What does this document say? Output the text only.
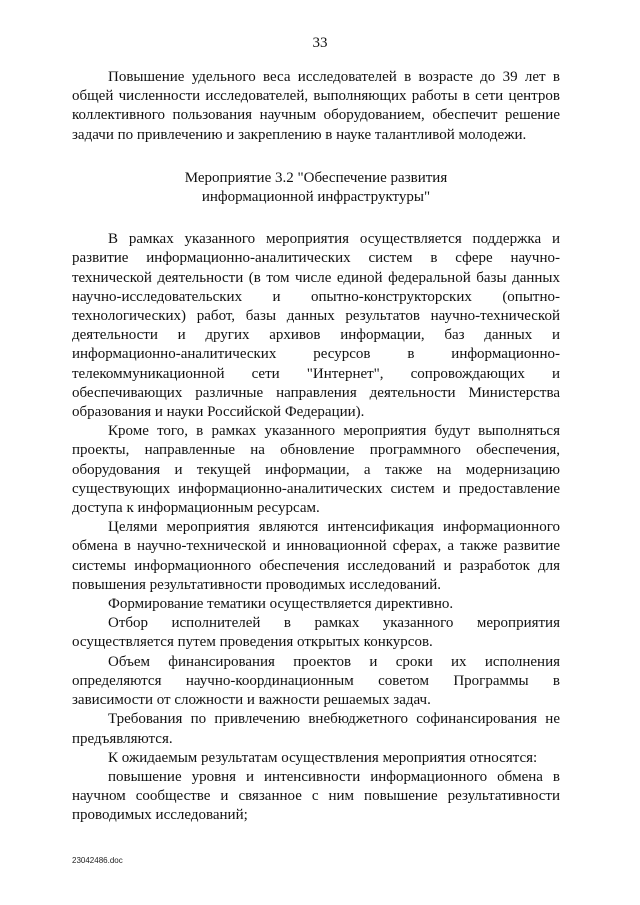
33

Повышение удельного веса исследователей в возрасте до 39 лет в общей численности исследователей, выполняющих работы в сети центров коллективного пользования научным оборудованием, обеспечит решение задачи по привлечению и закреплению в науке талантливой молодежи.

Мероприятие 3.2 "Обеспечение развития
информационной инфраструктуры"

В рамках указанного мероприятия осуществляется поддержка и развитие информационно-аналитических систем в сфере научно-технической деятельности (в том числе единой федеральной базы данных научно-исследовательских и опытно-конструкторских (опытно-технологических) работ, базы данных результатов научно-технической деятельности и других архивов информации, баз данных и информационно-аналитических ресурсов в информационно-телекоммуникационной сети "Интернет", сопровождающих и обеспечивающих различные направления деятельности Министерства образования и науки Российской Федерации).

Кроме того, в рамках указанного мероприятия будут выполняться проекты, направленные на обновление программного обеспечения, оборудования и текущей информации, а также на модернизацию существующих информационно-аналитических систем и предоставление доступа к информационным ресурсам.

Целями мероприятия являются интенсификация информационного обмена в научно-технической и инновационной сферах, а также развитие системы информационного обеспечения исследований и разработок для повышения результативности проводимых исследований.

Формирование тематики осуществляется директивно.

Отбор исполнителей в рамках указанного мероприятия осуществляется путем проведения открытых конкурсов.

Объем финансирования проектов и сроки их исполнения определяются научно-координационным советом Программы в зависимости от сложности и важности решаемых задач.

Требования по привлечению внебюджетного софинансирования не предъявляются.

К ожидаемым результатам осуществления мероприятия относятся:

повышение уровня и интенсивности информационного обмена в научном сообществе и связанное с ним повышение результативности проводимых исследований;

23042486.doc
